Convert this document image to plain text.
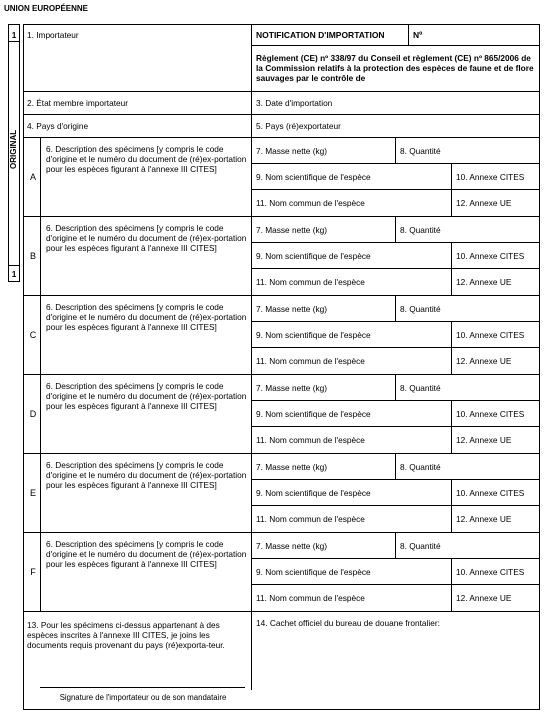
UNION EUROPÉENNE
1
ORIGINAL
1
1. Importateur	NOTIFICATION D'IMPORTATION	Nº
Règlement (CE) nº 338/97 du Conseil et règlement (CE) nº 865/2006 de la Commission relatifs à la protection des espèces de faune et de flore sauvages par le contrôle de
2. État membre importateur	3. Date d'importation
4. Pays d'origine	5. Pays (ré)exportateur
A
6. Description des spécimens [y compris le code d'origine et le numéro du document de (ré)ex-portation pour les espèces figurant à l'annexe III CITES]
7. Masse nette (kg)	8. Quantité
9. Nom scientifique de l'espèce	10. Annexe CITES
11. Nom commun de l'espèce	12. Annexe UE
B
6. Description des spécimens [y compris le code d'origine et le numéro du document de (ré)ex-portation pour les espèces figurant à l'annexe III CITES]
7. Masse nette (kg)	8. Quantité
9. Nom scientifique de l'espèce	10. Annexe CITES
11. Nom commun de l'espèce	12. Annexe UE
C
6. Description des spécimens [y compris le code d'origine et le numéro du document de (ré)ex-portation pour les espèces figurant à l'annexe III CITES]
7. Masse nette (kg)	8. Quantité
9. Nom scientifique de l'espèce	10. Annexe CITES
11. Nom commun de l'espèce	12. Annexe UE
D
6. Description des spécimens [y compris le code d'origine et le numéro du document de (ré)ex-portation pour les espèces figurant à l'annexe III CITES]
7. Masse nette (kg)	8. Quantité
9. Nom scientifique de l'espèce	10. Annexe CITES
11. Nom commun de l'espèce	12. Annexe UE
E
6. Description des spécimens [y compris le code d'origine et le numéro du document de (ré)ex-portation pour les espèces figurant à l'annexe III CITES]
7. Masse nette (kg)	8. Quantité
9. Nom scientifique de l'espèce	10. Annexe CITES
11. Nom commun de l'espèce	12. Annexe UE
F
6. Description des spécimens [y compris le code d'origine et le numéro du document de (ré)ex-portation pour les espèces figurant à l'annexe III CITES]
7. Masse nette (kg)	8. Quantité
9. Nom scientifique de l'espèce	10. Annexe CITES
11. Nom commun de l'espèce	12. Annexe UE
13. Pour les spécimens ci-dessus appartenant à des espèces inscrites à l'annexe III CITES, je joins les documents requis provenant du pays (ré)exporta-teur.
Signature de l'importateur ou de son mandataire
14. Cachet officiel du bureau de douane frontalier:
